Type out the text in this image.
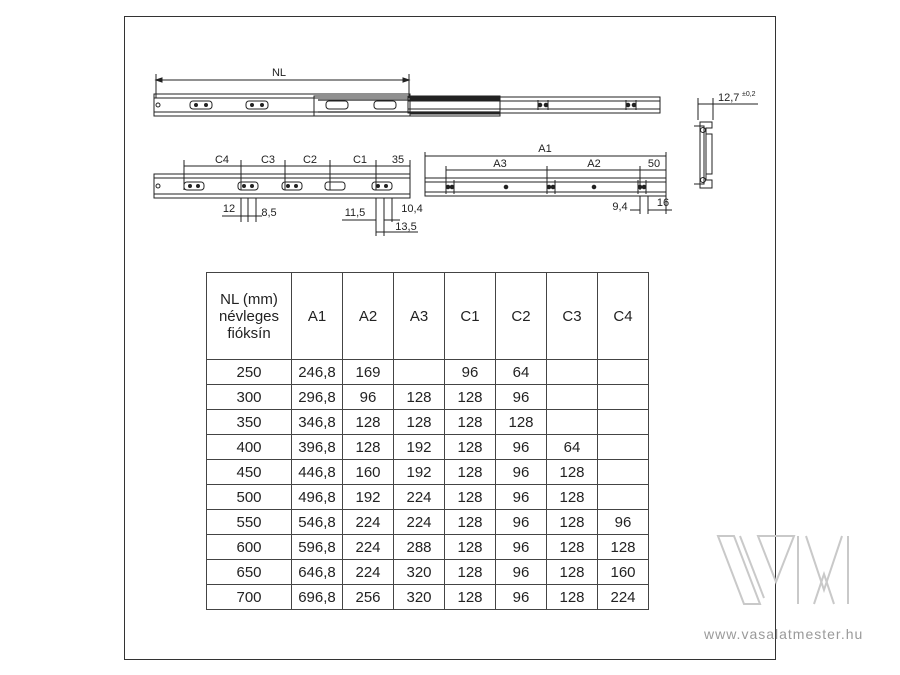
NL
C4	C3	C2	C1 35
12 8,5	11,5	10,4
13,5
A1
A3	A2	50
9,4	16
12,7 ±0,2
NL (mm)
névleges
fióksín	A1	A2	A3	C1	C2	C3	C4
250	246,8	169		96	64		
300	296,8	96	128	128	96		
350	346,8	128	128	128	128		
400	396,8	128	192	128	96	64	
450	446,8	160	192	128	96	128	
500	496,8	192	224	128	96	128	
550	546,8	224	224	128	96	128	96
600	596,8	224	288	128	96	128	128
650	646,8	224	320	128	96	128	160
700	696,8	256	320	128	96	128	224
www.vasalatmester.hu
